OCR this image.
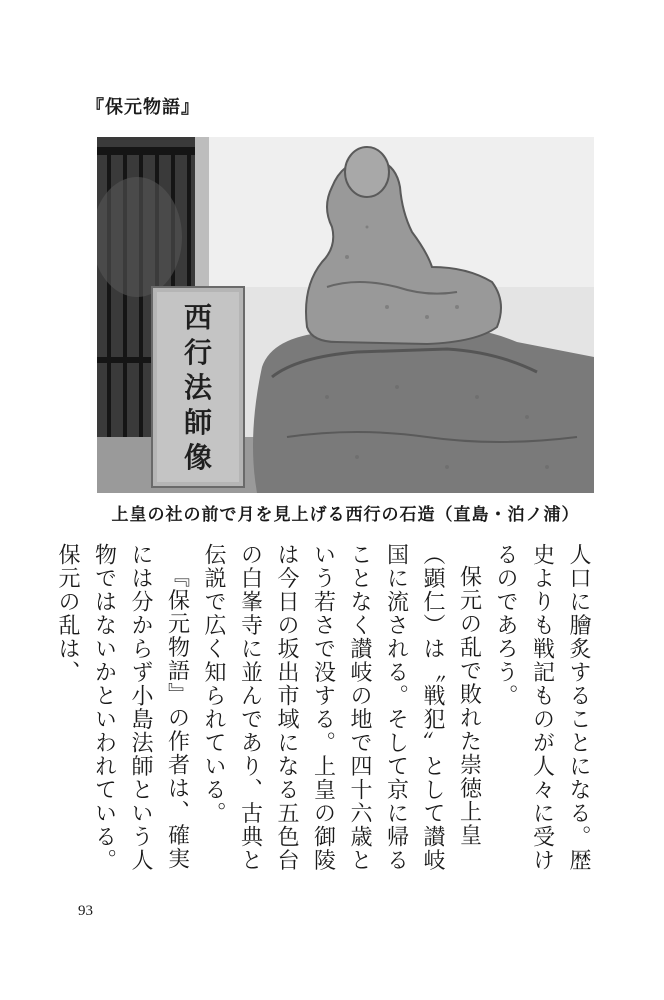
『保元物語』
西
行
法
師
像
上皇の社の前で月を見上げる西行の石造（直島・泊ノ浦）

人口に膾炙することになる。歴史よりも戦記ものが人々に受けるのであろう。

保元の乱で敗れた崇徳上皇（顕仁）は〝戦犯〟として讃岐国に流される。そして京に帰ることなく讃岐の地で四十六歳という若さで没する。上皇の御陵は今日の坂出市域になる五色台の白峯寺に並んであり、古典と伝説で広く知られている。

『保元物語』の作者は、確実には分からず小島法師という人物ではないかといわれている。保元の乱は、

93
